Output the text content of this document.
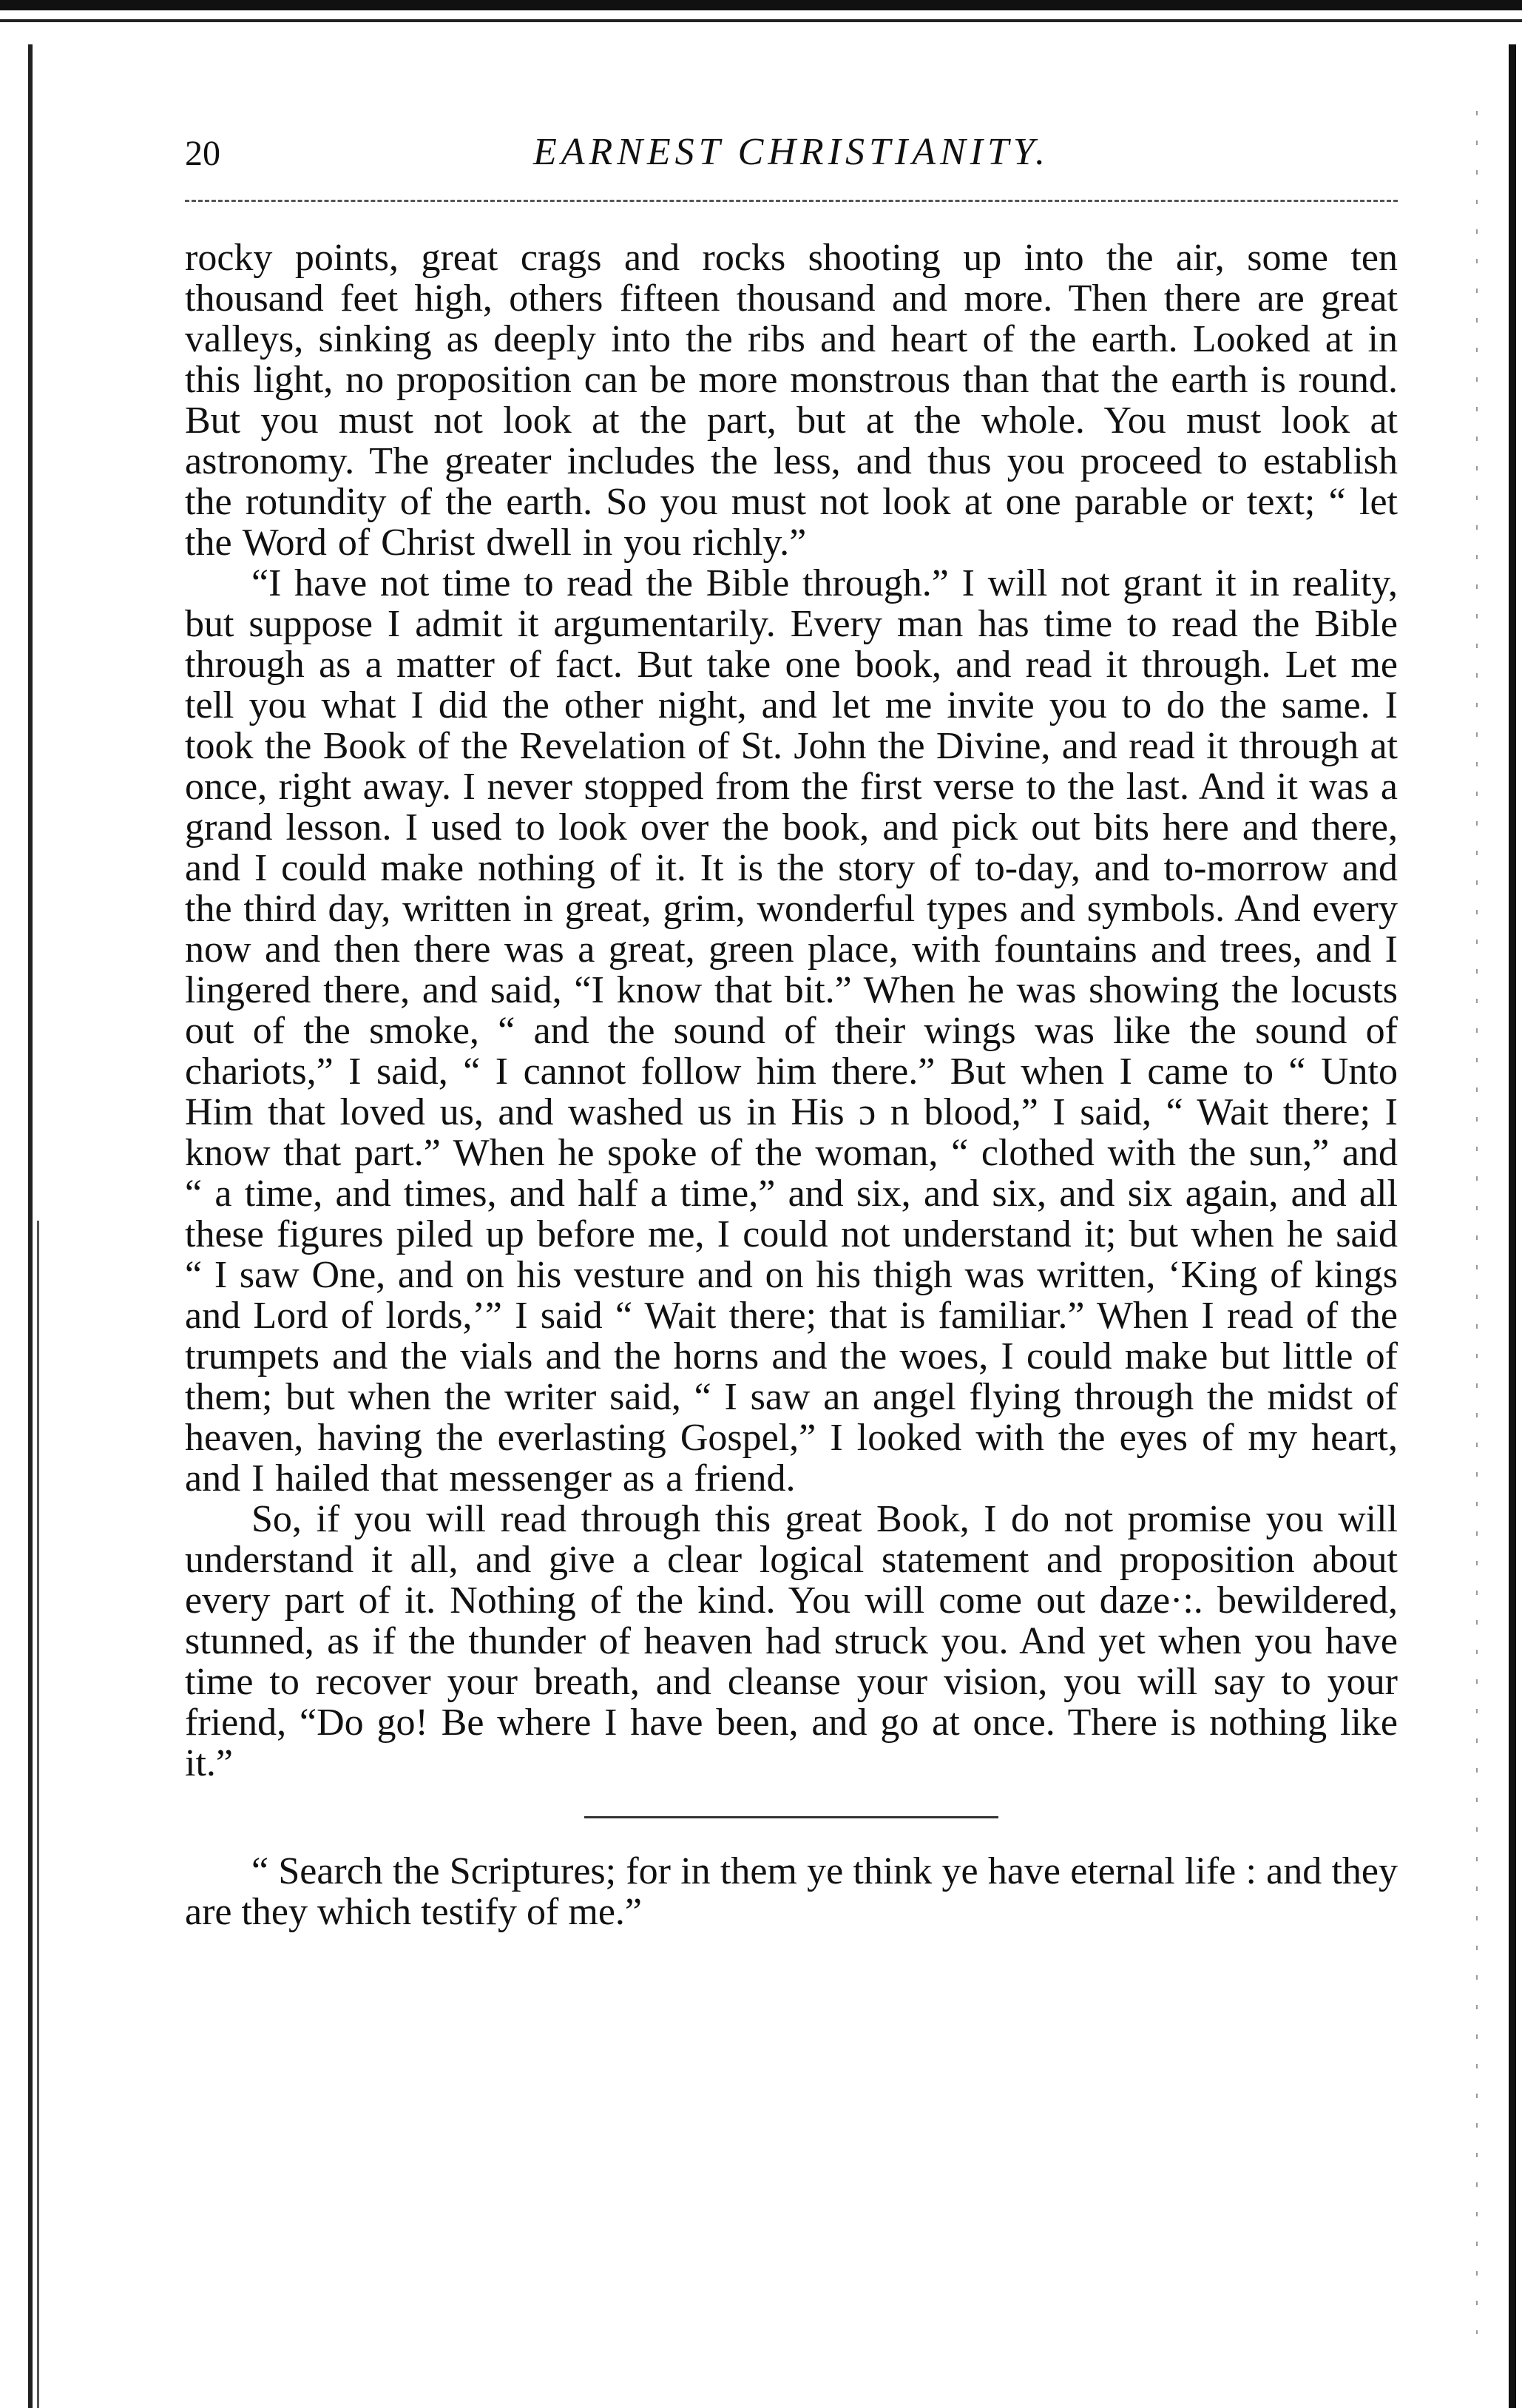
20	EARNEST CHRISTIANITY.

rocky points, great crags and rocks shooting up into the air, some ten thousand feet high, others fifteen thousand and more. Then there are great valleys, sinking as deeply into the ribs and heart of the earth. Looked at in this light, no proposition can be more monstrous than that the earth is round. But you must not look at the part, but at the whole. You must look at astronomy. The greater includes the less, and thus you proceed to establish the rotundity of the earth. So you must not look at one parable or text; “ let the Word of Christ dwell in you richly.”

“I have not time to read the Bible through.” I will not grant it in reality, but suppose I admit it argumentarily. Every man has time to read the Bible through as a matter of fact. But take one book, and read it through. Let me tell you what I did the other night, and let me invite you to do the same. I took the Book of the Revelation of St. John the Divine, and read it through at once, right away. I never stopped from the first verse to the last. And it was a grand lesson. I used to look over the book, and pick out bits here and there, and I could make nothing of it. It is the story of to-day, and to-morrow and the third day, written in great, grim, wonderful types and symbols. And every now and then there was a great, green place, with fountains and trees, and I lingered there, and said, “I know that bit.” When he was showing the locusts out of the smoke, “ and the sound of their wings was like the sound of chariots,” I said, “ I cannot follow him there.” But when I came to “ Unto Him that loved us, and washed us in His ɔ n blood,” I said, “ Wait there; I know that part.” When he spoke of the woman, “ clothed with the sun,” and “ a time, and times, and half a time,” and six, and six, and six again, and all these figures piled up before me, I could not understand it; but when he said “ I saw One, and on his vesture and on his thigh was written, ‘King of kings and Lord of lords,’” I said “ Wait there; that is familiar.” When I read of the trumpets and the vials and the horns and the woes, I could make but little of them; but when the writer said, “ I saw an angel flying through the midst of heaven, having the everlasting Gospel,” I looked with the eyes of my heart, and I hailed that messenger as a friend.

So, if you will read through this great Book, I do not promise you will understand it all, and give a clear logical statement and proposition about every part of it. Nothing of the kind. You will come out daze·:. bewildered, stunned, as if the thunder of heaven had struck you. And yet when you have time to recover your breath, and cleanse your vision, you will say to your friend, “Do go! Be where I have been, and go at once. There is nothing like it.”

“ Search the Scriptures; for in them ye think ye have eternal life : and they are they which testify of me.”
